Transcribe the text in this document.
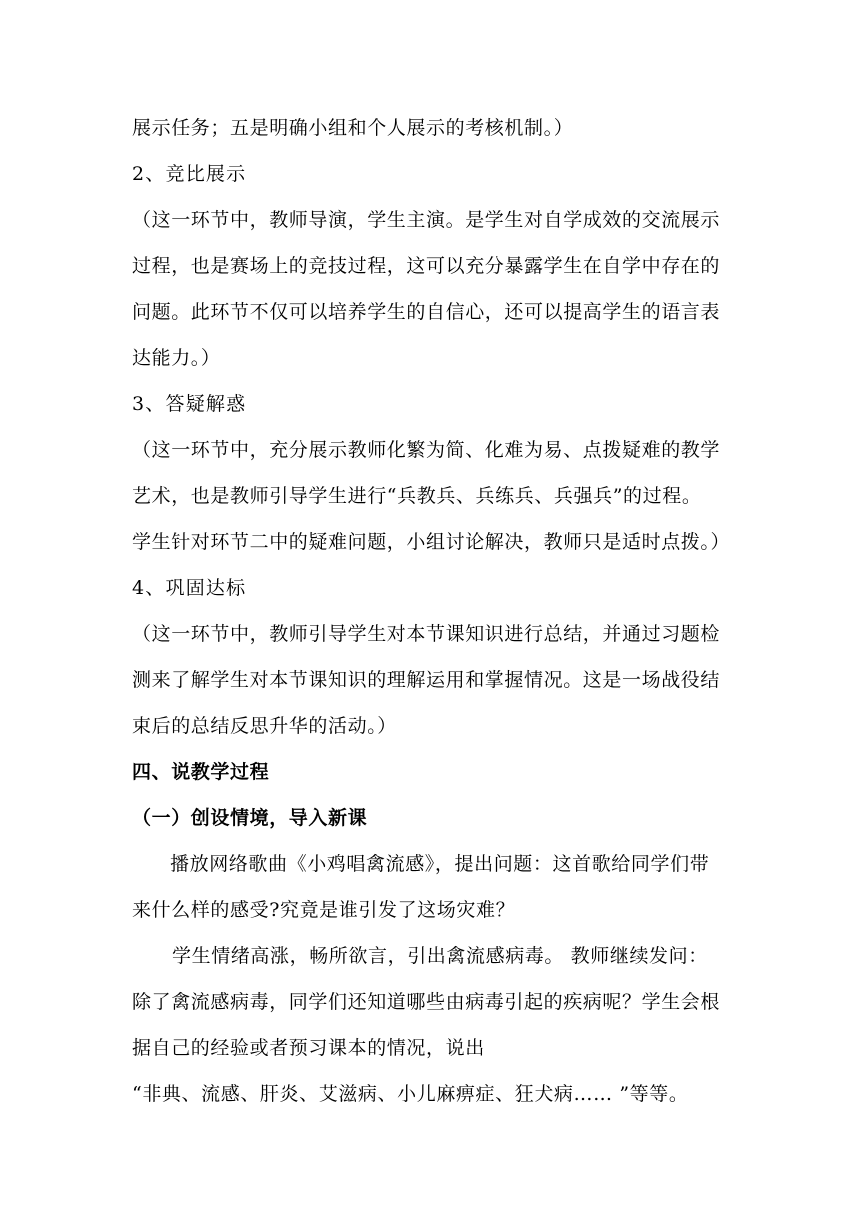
展示任务；五是明确小组和个人展示的考核机制。）
2、竞比展示
（这一环节中，教师导演，学生主演。是学生对自学成效的交流展示
过程，也是赛场上的竞技过程，这可以充分暴露学生在自学中存在的
问题。此环节不仅可以培养学生的自信心，还可以提高学生的语言表
达能力。）
3、答疑解惑
（这一环节中，充分展示教师化繁为简、化难为易、点拨疑难的教学
艺术，也是教师引导学生进行“兵教兵、兵练兵、兵强兵”的过程。
学生针对环节二中的疑难问题，小组讨论解决，教师只是适时点拨。）
4、巩固达标
（这一环节中，教师引导学生对本节课知识进行总结，并通过习题检
测来了解学生对本节课知识的理解运用和掌握情况。这是一场战役结
束后的总结反思升华的活动。）
四、说教学过程
（一）创设情境，导入新课
播放网络歌曲《小鸡唱禽流感》，提出问题：这首歌给同学们带
来什么样的感受?究竟是谁引发了这场灾难？
学生情绪高涨，畅所欲言，引出禽流感病毒。 教师继续发问：
除了禽流感病毒，同学们还知道哪些由病毒引起的疾病呢？学生会根
据自己的经验或者预习课本的情况，说出
“非典、流感、肝炎、艾滋病、小儿麻痹症、狂犬病…… ”等等。
